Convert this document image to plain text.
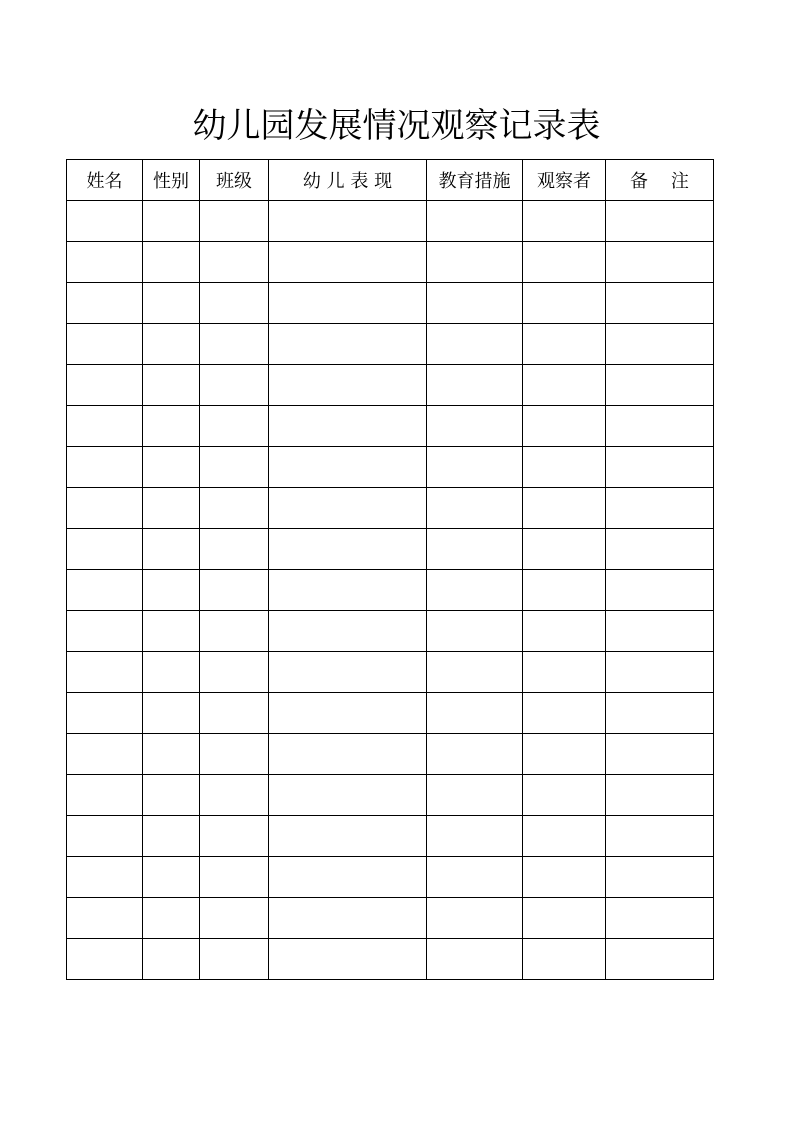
幼儿园发展情况观察记录表
姓名	性别	班级	幼 儿 表 现	教育措施	观察者	备    注
